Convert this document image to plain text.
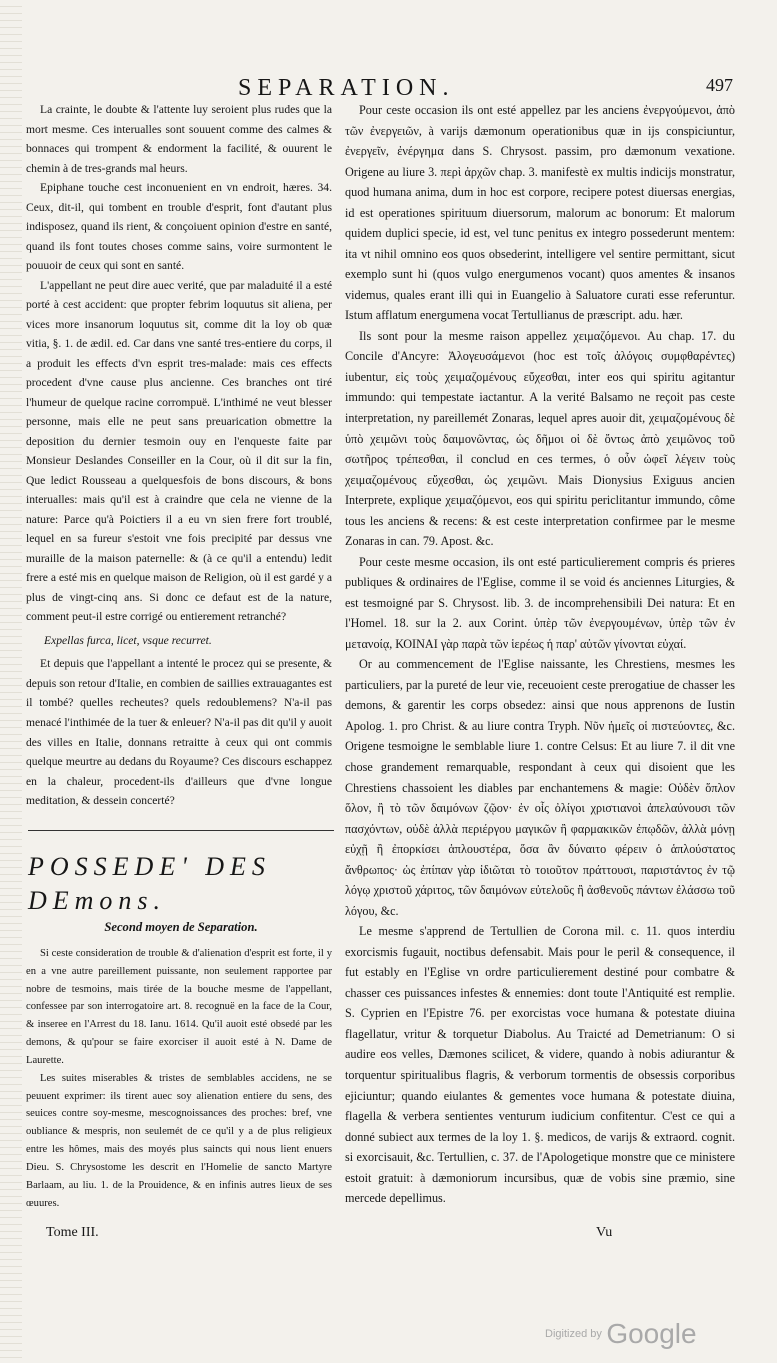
SEPARATION.	497

La crainte, le doubte & l'attente luy seroient plus rudes que la mort mesme. Ces interualles sont souuent comme des calmes & bonnaces qui trompent & endorment la facilité, & ouurent le chemin à de tres-grands mal heurs.

Epiphane touche cest inconuenient en vn endroit, hæres. 34. Ceux, dit-il, qui tombent en trouble d'esprit, font d'autant plus indisposez, quand ils rient, & conçoiuent opinion d'estre en santé, quand ils font toutes choses comme sains, voire surmontent le pouuoir de ceux qui sont en santé.

L'appellant ne peut dire auec verité, que par maladuité il a esté porté à cest accident: que propter febrim loquutus sit aliena, per vices more insanorum loquutus sit, comme dit la loy ob quæ vitia, §. 1. de ædil. ed. Car dans vne santé tres-entiere du corps, il a produit les effects d'vn esprit tres-malade: mais ces effects procedent d'vne cause plus ancienne. Ces branches ont tiré l'humeur de quelque racine corrompuë. L'inthimé ne veut blesser personne, mais elle ne peut sans preuarication obmettre la deposition du dernier tesmoin ouy en l'enqueste faite par Monsieur Deslandes Conseiller en la Cour, où il dit sur la fin, Que ledict Rousseau a quelquesfois de bons discours, & bons interualles: mais qu'il est à craindre que cela ne vienne de la nature: Parce qu'à Poictiers il a eu vn sien frere fort troublé, lequel en sa fureur s'estoit vne fois precipité par dessus vne muraille de la maison paternelle: & (à ce qu'il a entendu) ledit frere a esté mis en quelque maison de Religion, où il est gardé y a plus de vingt-cinq ans. Si donc ce defaut est de la nature, comment peut-il estre corrigé ou entierement retranché?

Expellas furca, licet, vsque recurret.

Et depuis que l'appellant a intenté le procez qui se presente, & depuis son retour d'Italie, en combien de saillies extrauagantes est il tombé? quelles recheutes? quels redoublemens? N'a-il pas menacé l'inthimée de la tuer & enleuer? N'a-il pas dit qu'il y auoit des villes en Italie, donnans retraitte à ceux qui ont commis quelque meurtre au dedans du Royaume? Ces discours eschappez en la chaleur, procedent-ils d'ailleurs que d'vne longue meditation, & dessein concerté?

POSSEDE' DES DEmons.
Second moyen de Separation.

Si ceste consideration de trouble & d'alienation d'esprit est forte, il y en a vne autre pareillement puissante, non seulement rapportee par nobre de tesmoins, mais tirée de la bouche mesme de l'appellant, confessee par son interrogatoire art. 8. recognuë en la face de la Cour, & inseree en l'Arrest du 18. Ianu. 1614. Qu'il auoit esté obsedé par les demons, & qu'pour se faire exorciser il auoit esté à N. Dame de Laurette.

Les suites miserables & tristes de semblables accidens, ne se peuuent exprimer: ils tirent auec soy alienation entiere du sens, des seuices contre soy-mesme, mescognoissances des proches: bref, vne oubliance & mespris, non seulemét de ce qu'il y a de plus religieux entre les hômes, mais des moyés plus saincts qui nous lient enuers Dieu. S. Chrysostome les descrit en l'Homelie de sancto Martyre Barlaam, au liu. 1. de la Prouidence, & en infinis autres lieux de ses œuures.

Pour ceste occasion ils ont esté appellez par les anciens ἐνεργούμενοι, ἀπὸ τῶν ἐνεργειῶν, à varijs dæmonum operationibus quæ in ijs conspiciuntur, ἐνεργεῖν, ἐνέργημα dans S. Chrysost. passim, pro dæmonum vexatione. Origene au liure 3. περὶ ἀρχῶν chap. 3. manifestè ex multis indicijs monstratur, quod humana anima, dum in hoc est corpore, recipere potest diuersas energias, id est operationes spirituum diuersorum, malorum ac bonorum: Et malorum quidem duplici specie, id est, vel tunc penitus ex integro possederunt mentem: ita vt nihil omnino eos quos obsederint, intelligere vel sentire permittant, sicut exemplo sunt hi (quos vulgo energumenos vocant) quos amentes & insanos videmus, quales erant illi qui in Euangelio à Saluatore curati esse referuntur. Istum afflatum energumena vocat Tertullianus de præscript. adu. hær.

Ils sont pour la mesme raison appellez χειμαζόμενοι. Au chap. 17. du Concile d'Ancyre: Ἀλογευσάμενοι (hoc est τοῖς ἀλόγοις συμφθαρέντες) iubentur, εἰς τοὺς χειμαζομένους εὔχεσθαι, inter eos qui spiritu agitantur immundo: qui tempestate iactantur. A la verité Balsamo ne reçoit pas ceste interpretation, ny pareillemét Zonaras, lequel apres auoir dit, χειμαζομένους δὲ ὑπὸ χειμῶνι τοὺς δαιμονῶντας, ὡς δῆμοι οἱ δὲ ὄντως ἀπὸ χειμῶνος τοῦ σωτῆρος τρέπεσθαι, il conclud en ces termes, ὁ οὖν ὠφεῖ λέγειν τοὺς χειμαζομένους εὔχεσθαι, ὡς χειμῶνι. Mais Dionysius Exiguus ancien Interprete, explique χειμαζόμενοι, eos qui spiritu periclitantur immundo, côme tous les anciens & recens: & est ceste interpretation confirmee par le mesme Zonaras in can. 79. Apost. &c.

Pour ceste mesme occasion, ils ont esté particulierement compris és prieres publiques & ordinaires de l'Eglise, comme il se void és anciennes Liturgies, & est tesmoigné par S. Chrysost. lib. 3. de incomprehensibili Dei natura: Et en l'Homel. 18. sur la 2. aux Corint. ὑπὲρ τῶν ἐνεργουμένων, ὑπὲρ τῶν ἐν μετανοίᾳ, ΚΟΙΝΑΙ γὰρ παρὰ τῶν ἱερέως ἡ παρ' αὐτῶν γίνονται εὐχαί.

Or au commencement de l'Eglise naissante, les Chrestiens, mesmes les particuliers, par la pureté de leur vie, receuoient ceste prerogatiue de chasser les demons, & garentir les corps obsedez: ainsi que nous apprenons de Iustin Apolog. 1. pro Christ. & au liure contra Tryph. Νῦν ἡμεῖς οἱ πιστεύοντες, &c. Origene tesmoigne le semblable liure 1. contre Celsus: Et au liure 7. il dit vne chose grandement remarquable, respondant à ceux qui disoient que les Chrestiens chassoient les diables par enchantemens & magie: Οὐδὲν ὅπλον ὅλον, ἢ τὸ τῶν δαιμόνων ζῷον· ἐν οἷς ὀλίγοι χριστιανοὶ ἀπελαύνουσι τῶν πασχόντων, οὐδὲ ἀλλὰ περιέργου μαγικῶν ἢ φαρμακικῶν ἐπῳδῶν, ἀλλὰ μόνῃ εὐχῇ ἢ ἐπορκίσει ἁπλουστέρα, ὅσα ἂν δύναιτο φέρειν ὁ ἁπλούστατος ἄνθρωπος· ὡς ἐπίπαν γὰρ ἰδιῶται τὸ τοιοῦτον πράττουσι, παριστάντος ἐν τῷ λόγῳ χριστοῦ χάριτος, τῶν δαιμόνων εὐτελοῦς ἢ ἀσθενοῦς πάντων ἐλάσσω τοῦ λόγου, &c.

Le mesme s'apprend de Tertullien de Corona mil. c. 11. quos interdiu exorcismis fugauit, noctibus defensabit. Mais pour le peril & consequence, il fut estably en l'Eglise vn ordre particulierement destiné pour combatre & chasser ces puissances infestes & ennemies: dont toute l'Antiquité est remplie. S. Cyprien en l'Epistre 76. per exorcistas voce humana & potestate diuina flagellatur, vritur & torquetur Diabolus. Au Traicté ad Demetrianum: O si audire eos velles, Dæmones scilicet, & videre, quando à nobis adiurantur & torquentur spiritualibus flagris, & verborum tormentis de obsessis corporibus ejiciuntur; quando eiulantes & gementes voce humana & potestate diuina, flagella & verbera sentientes venturum iudicium confitentur. C'est ce qui a donné subiect aux termes de la loy 1. §. medicos, de varijs & extraord. cognit. si exorcisauit, &c. Tertullien, c. 37. de l'Apologetique monstre que ce ministere estoit gratuit: à dæmoniorum incursibus, quæ de vobis sine præmio, sine mercede depellimus.

Tome III.	Vu
Digitized by Google
